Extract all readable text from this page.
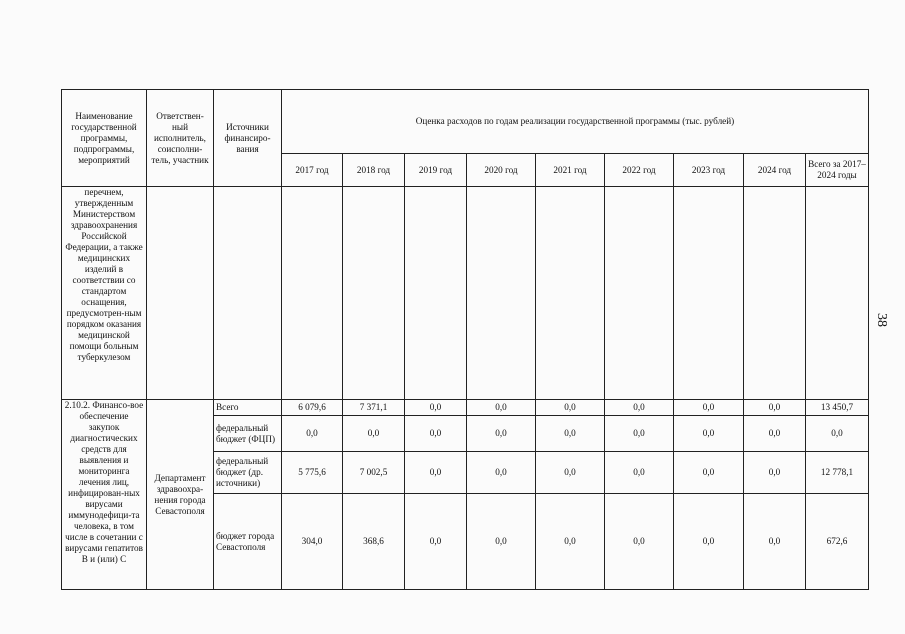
Наименование государственной программы, подпрограммы, мероприятий	Ответствен-ный исполнитель, соисполни-тель, участник	Источники финансиро-вания	Оценка расходов по годам реализации государственной программы (тыс. рублей)								
			2017 год	2018 год	2019 год	2020 год	2021 год	2022 год	2023 год	2024 год	Всего за 2017–2024 годы
перечнем, утвержденным Министерством здравоохранения Российской Федерации, а также медицинских изделий в соответствии со стандартом оснащения, предусмотрен-ным порядком оказания медицинской помощи больным туберкулезом											
2.10.2. Финансо-вое обеспечение закупок диагностических средств для выявления и мониторинга лечения лиц, инфицирован-ных вирусами иммунодефици-та человека, в том числе в сочетании с вирусами гепатитов B и (или) C	Департамент здравоохра-нения города Севастополя	Всего	6 079,6	7 371,1	0,0	0,0	0,0	0,0	0,0	0,0	13 450,7
		федеральный бюджет (ФЦП)	0,0	0,0	0,0	0,0	0,0	0,0	0,0	0,0	0,0
		федеральный бюджет (др. источники)	5 775,6	7 002,5	0,0	0,0	0,0	0,0	0,0	0,0	12 778,1
		бюджет города Севастополя	304,0	368,6	0,0	0,0	0,0	0,0	0,0	0,0	672,6
38
